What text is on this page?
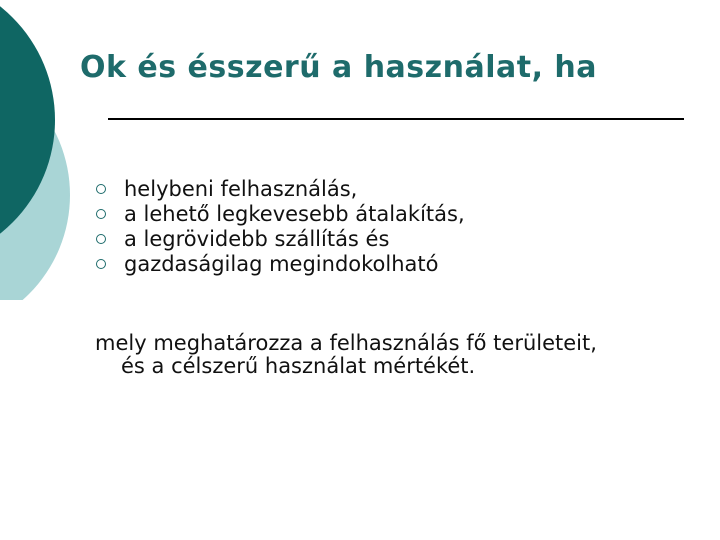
Ok és ésszerű a használat, ha
helybeni felhasználás,
a lehető legkevesebb átalakítás,
a legrövidebb szállítás és
gazdaságilag megindokolható

mely meghatározza a felhasználás fő területeit,
és a célszerű használat mértékét.
